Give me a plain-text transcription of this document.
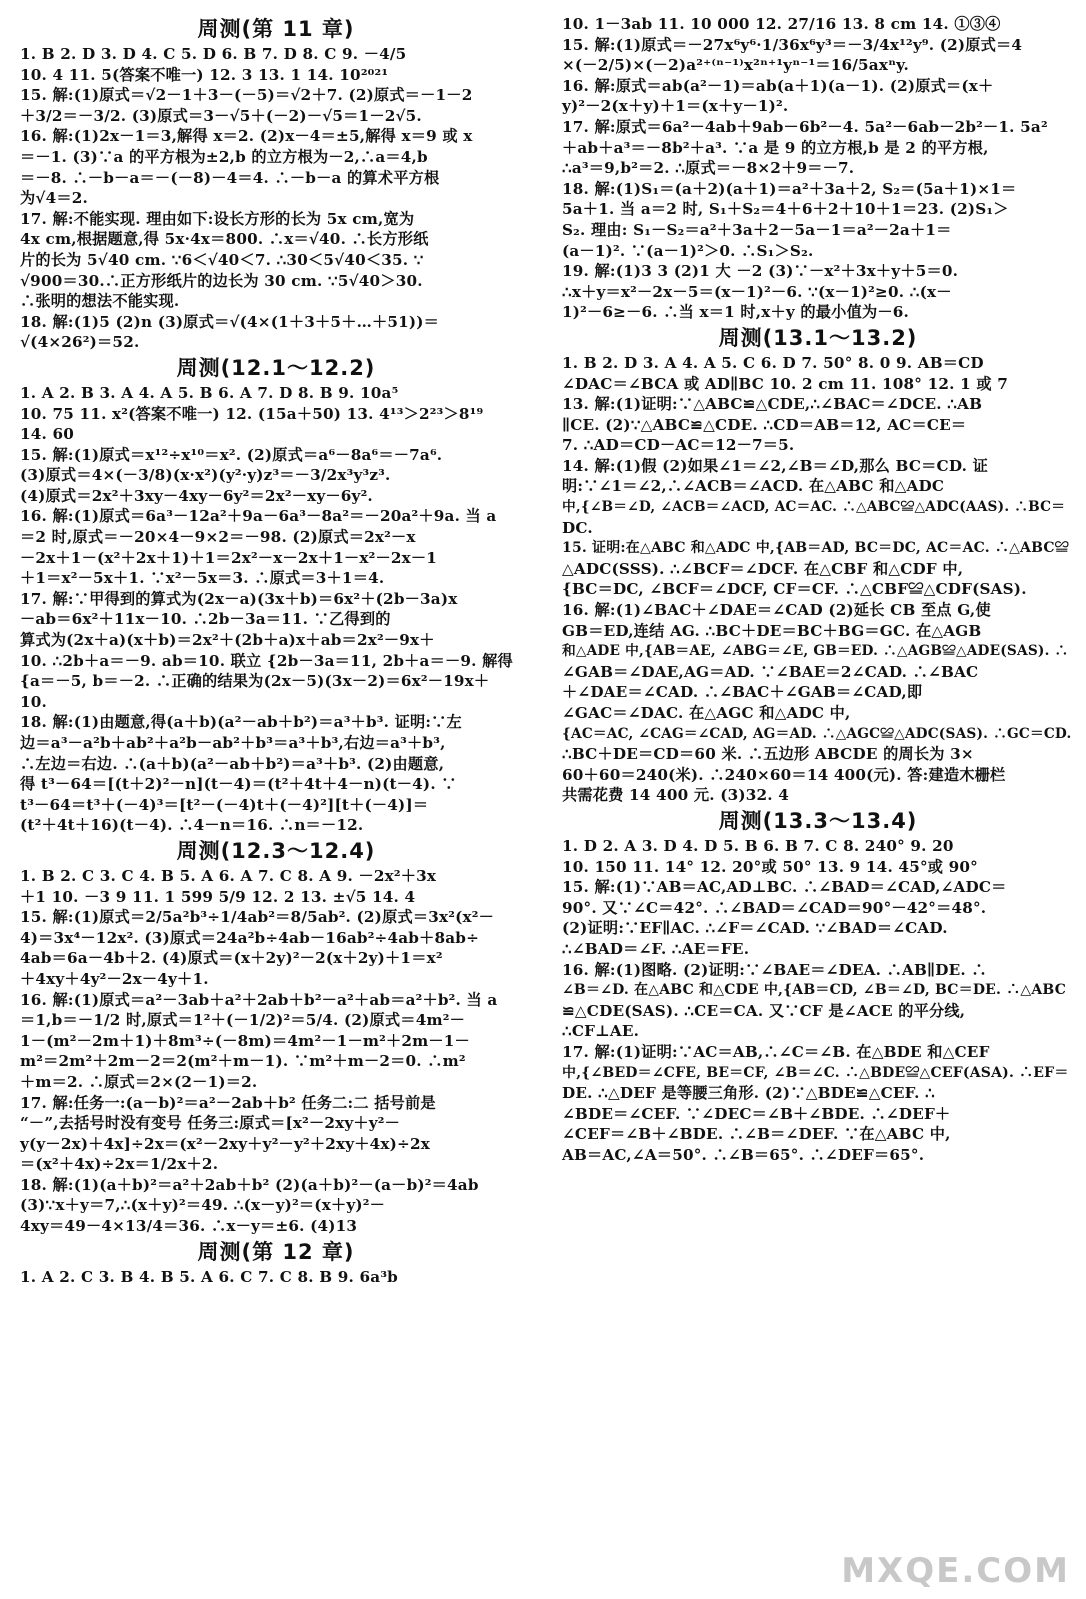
周测(第 11 章)
1. B 2. D 3. D 4. C 5. D 6. B 7. D 8. C 9. －4/5
10. 4 11. 5(答案不唯一) 12. 3 13. 1 14. 10²⁰²¹
15. 解:(1)原式＝√2－1＋3－(－5)＝√2＋7. (2)原式＝－1－2
＋3/2＝－3/2. (3)原式＝3－√5＋(－2)－√5＝1－2√5.
16. 解:(1)2x－1＝3,解得 x＝2. (2)x－4＝±5,解得 x＝9 或 x
＝－1. (3)∵a 的平方根为±2,b 的立方根为－2,∴a＝4,b
＝－8. ∴－b－a＝－(－8)－4＝4. ∴－b－a 的算术平方根
为√4＝2.
17. 解:不能实现. 理由如下:设长方形的长为 5x cm,宽为
4x cm,根据题意,得 5x·4x＝800. ∴x＝√40. ∴长方形纸
片的长为 5√40 cm. ∵6＜√40＜7. ∴30＜5√40＜35. ∵
√900＝30.∴正方形纸片的边长为 30 cm. ∵5√40＞30.
∴张明的想法不能实现.
18. 解:(1)5 (2)n (3)原式＝√(4×(1＋3＋5＋…＋51))＝
√(4×26²)＝52.
周测(12.1～12.2)
1. A 2. B 3. A 4. A 5. B 6. A 7. D 8. B 9. 10a⁵
10. 75 11. x²(答案不唯一) 12. (15a＋50) 13. 4¹³＞2²³＞8¹⁹
14. 60
15. 解:(1)原式＝x¹²÷x¹⁰＝x². (2)原式＝a⁶－8a⁶＝－7a⁶.
(3)原式＝4×(－3/8)(x·x²)(y²·y)z³＝－3/2x³y³z³.
(4)原式＝2x²＋3xy－4xy－6y²＝2x²－xy－6y².
16. 解:(1)原式＝6a³－12a²＋9a－6a³－8a²＝－20a²＋9a. 当 a
＝2 时,原式＝－20×4－9×2＝－98. (2)原式＝2x²－x
－2x＋1－(x²＋2x＋1)＋1＝2x²－x－2x＋1－x²－2x－1
＋1＝x²－5x＋1. ∵x²－5x＝3. ∴原式＝3＋1＝4.
17. 解:∵甲得到的算式为(2x－a)(3x＋b)＝6x²＋(2b－3a)x
－ab＝6x²＋11x－10. ∴2b－3a＝11. ∵乙得到的
算式为(2x＋a)(x＋b)＝2x²＋(2b＋a)x＋ab＝2x²－9x＋
10. ∴2b＋a＝－9. ab＝10. 联立 {2b－3a＝11, 2b＋a＝－9. 解得
{a＝－5, b＝－2. ∴正确的结果为(2x－5)(3x－2)＝6x²－19x＋
10.
18. 解:(1)由题意,得(a＋b)(a²－ab＋b²)＝a³＋b³. 证明:∵左
边＝a³－a²b＋ab²＋a²b－ab²＋b³＝a³＋b³,右边＝a³＋b³,
∴左边＝右边. ∴(a＋b)(a²－ab＋b²)＝a³＋b³. (2)由题意,
得 t³－64＝[(t＋2)²－n](t－4)＝(t²＋4t＋4－n)(t－4). ∵
t³－64＝t³＋(－4)³＝[t²－(－4)t＋(－4)²][t＋(－4)]＝
(t²＋4t＋16)(t－4). ∴4－n＝16. ∴n＝－12.
周测(12.3～12.4)
1. B 2. C 3. C 4. B 5. A 6. A 7. C 8. A 9. －2x²＋3x
＋1 10. －3 9 11. 1 599 5/9 12. 2 13. ±√5 14. 4
15. 解:(1)原式＝2/5a²b³÷1/4ab²＝8/5ab². (2)原式＝3x²(x²－
4)＝3x⁴－12x². (3)原式＝24a²b÷4ab－16ab²÷4ab＋8ab÷
4ab＝6a－4b＋2. (4)原式＝(x＋2y)²－2(x＋2y)＋1＝x²
＋4xy＋4y²－2x－4y＋1.
16. 解:(1)原式＝a²－3ab＋a²＋2ab＋b²－a²＋ab＝a²＋b². 当 a
＝1,b＝－1/2 时,原式＝1²＋(－1/2)²＝5/4. (2)原式＝4m²－
1－(m²－2m＋1)＋8m³÷(－8m)＝4m²－1－m²＋2m－1－
m²＝2m²＋2m－2＝2(m²＋m－1). ∵m²＋m－2＝0. ∴m²
＋m＝2. ∴原式＝2×(2－1)＝2.
17. 解:任务一:(a－b)²＝a²－2ab＋b² 任务二:二 括号前是
“－”,去括号时没有变号 任务三:原式＝[x²－2xy＋y²－
y(y－2x)＋4x]÷2x＝(x²－2xy＋y²－y²＋2xy＋4x)÷2x
＝(x²＋4x)÷2x＝1/2x＋2.
18. 解:(1)(a＋b)²＝a²＋2ab＋b² (2)(a＋b)²－(a－b)²＝4ab
(3)∵x＋y＝7,∴(x＋y)²＝49. ∴(x－y)²＝(x＋y)²－
4xy＝49－4×13/4＝36. ∴x－y＝±6. (4)13
周测(第 12 章)
1. A 2. C 3. B 4. B 5. A 6. C 7. C 8. B 9. 6a³b
10. 1－3ab 11. 10 000 12. 27/16 13. 8 cm 14. ①③④
15. 解:(1)原式＝－27x⁶y⁶·1/36x⁶y³＝－3/4x¹²y⁹. (2)原式＝4
×(－2/5)×(－2)a²⁺⁽ⁿ⁻¹⁾x²ⁿ⁺¹yⁿ⁻¹＝16/5axⁿy.
16. 解:原式＝ab(a²－1)＝ab(a＋1)(a－1). (2)原式＝(x＋
y)²－2(x＋y)＋1＝(x＋y－1)².
17. 解:原式＝6a²－4ab＋9ab－6b²－4. 5a²－6ab－2b²－1. 5a²
＋ab＋a³＝－8b²＋a³. ∵a 是 9 的立方根,b 是 2 的平方根,
∴a³＝9,b²＝2. ∴原式＝－8×2＋9＝－7.
18. 解:(1)S₁＝(a＋2)(a＋1)＝a²＋3a＋2, S₂＝(5a＋1)×1＝
5a＋1. 当 a＝2 时, S₁＋S₂＝4＋6＋2＋10＋1＝23. (2)S₁＞
S₂. 理由: S₁－S₂＝a²＋3a＋2－5a－1＝a²－2a＋1＝
(a－1)². ∵(a－1)²＞0. ∴S₁＞S₂.
19. 解:(1)3 3 (2)1 大 －2 (3)∵－x²＋3x＋y＋5＝0.
∴x＋y＝x²－2x－5＝(x－1)²－6. ∵(x－1)²≥0. ∴(x－
1)²－6≥－6. ∴当 x＝1 时,x＋y 的最小值为－6.
周测(13.1～13.2)
1. B 2. D 3. A 4. A 5. C 6. D 7. 50° 8. 0 9. AB＝CD
∠DAC＝∠BCA 或 AD∥BC 10. 2 cm 11. 108° 12. 1 或 7
13. 解:(1)证明:∵△ABC≌△CDE,∴∠BAC＝∠DCE. ∴AB
∥CE. (2)∵△ABC≌△CDE. ∴CD＝AB＝12, AC＝CE＝
7. ∴AD＝CD－AC＝12－7＝5.
14. 解:(1)假 (2)如果∠1＝∠2,∠B＝∠D,那么 BC＝CD. 证
明:∵∠1＝∠2,∴∠ACB＝∠ACD. 在△ABC 和△ADC
中,{∠B＝∠D, ∠ACB＝∠ACD, AC＝AC. ∴△ABC≌△ADC(AAS). ∴BC＝
DC.
15. 证明:在△ABC 和△ADC 中,{AB＝AD, BC＝DC, AC＝AC. ∴△ABC≌
△ADC(SSS). ∴∠BCF＝∠DCF. 在△CBF 和△CDF 中,
{BC＝DC, ∠BCF＝∠DCF, CF＝CF. ∴△CBF≌△CDF(SAS).
16. 解:(1)∠BAC＋∠DAE＝∠CAD (2)延长 CB 至点 G,使
GB＝ED,连结 AG. ∴BC＋DE＝BC＋BG＝GC. 在△AGB
和△ADE 中,{AB＝AE, ∠ABG＝∠E, GB＝ED. ∴△AGB≌△ADE(SAS). ∴
∠GAB＝∠DAE,AG＝AD. ∵∠BAE＝2∠CAD. ∴∠BAC
＋∠DAE＝∠CAD. ∴∠BAC＋∠GAB＝∠CAD,即
∠GAC＝∠DAC. 在△AGC 和△ADC 中,
{AC＝AC, ∠CAG＝∠CAD, AG＝AD. ∴△AGC≌△ADC(SAS). ∴GC＝CD.
∴BC＋DE＝CD＝60 米. ∴五边形 ABCDE 的周长为 3×
60＋60＝240(米). ∴240×60＝14 400(元). 答:建造木栅栏
共需花费 14 400 元. (3)32. 4
周测(13.3～13.4)
1. D 2. A 3. D 4. D 5. B 6. B 7. C 8. 240° 9. 20
10. 150 11. 14° 12. 20°或 50° 13. 9 14. 45°或 90°
15. 解:(1)∵AB＝AC,AD⊥BC. ∴∠BAD＝∠CAD,∠ADC＝
90°. 又∵∠C＝42°. ∴∠BAD＝∠CAD＝90°－42°＝48°.
(2)证明:∵EF∥AC. ∴∠F＝∠CAD. ∵∠BAD＝∠CAD.
∴∠BAD＝∠F. ∴AE＝FE.
16. 解:(1)图略. (2)证明:∵∠BAE＝∠DEA. ∴AB∥DE. ∴
∠B＝∠D. 在△ABC 和△CDE 中,{AB＝CD, ∠B＝∠D, BC＝DE. ∴△ABC
≌△CDE(SAS). ∴CE＝CA. 又∵CF 是∠ACE 的平分线,
∴CF⊥AE.
17. 解:(1)证明:∵AC＝AB,∴∠C＝∠B. 在△BDE 和△CEF
中,{∠BED＝∠CFE, BE＝CF, ∠B＝∠C. ∴△BDE≌△CEF(ASA). ∴EF＝
DE. ∴△DEF 是等腰三角形. (2)∵△BDE≌△CEF. ∴
∠BDE＝∠CEF. ∵∠DEC＝∠B＋∠BDE. ∴∠DEF＋
∠CEF＝∠B＋∠BDE. ∴∠B＝∠DEF. ∵在△ABC 中,
AB＝AC,∠A＝50°. ∴∠B＝65°. ∴∠DEF＝65°.
MXQE.COM
